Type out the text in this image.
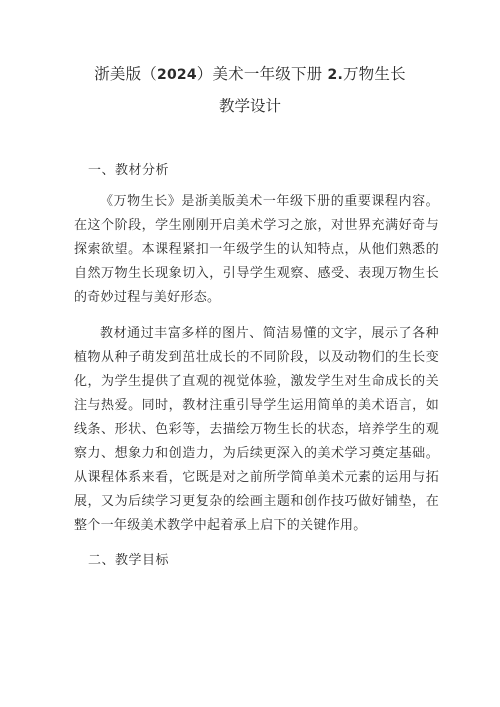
浙美版（2024）美术一年级下册 2.万物生长
教学设计
一、教材分析

《万物生长》是浙美版美术一年级下册的重要课程内容。在这个阶段，学生刚刚开启美术学习之旅，对世界充满好奇与探索欲望。本课程紧扣一年级学生的认知特点，从他们熟悉的自然万物生长现象切入，引导学生观察、感受、表现万物生长的奇妙过程与美好形态。

教材通过丰富多样的图片、简洁易懂的文字，展示了各种植物从种子萌发到茁壮成长的不同阶段，以及动物们的生长变化，为学生提供了直观的视觉体验，激发学生对生命成长的关注与热爱。同时，教材注重引导学生运用简单的美术语言，如线条、形状、色彩等，去描绘万物生长的状态，培养学生的观察力、想象力和创造力，为后续更深入的美术学习奠定基础。从课程体系来看，它既是对之前所学简单美术元素的运用与拓展，又为后续学习更复杂的绘画主题和创作技巧做好铺垫，在整个一年级美术教学中起着承上启下的关键作用。

二、教学目标
